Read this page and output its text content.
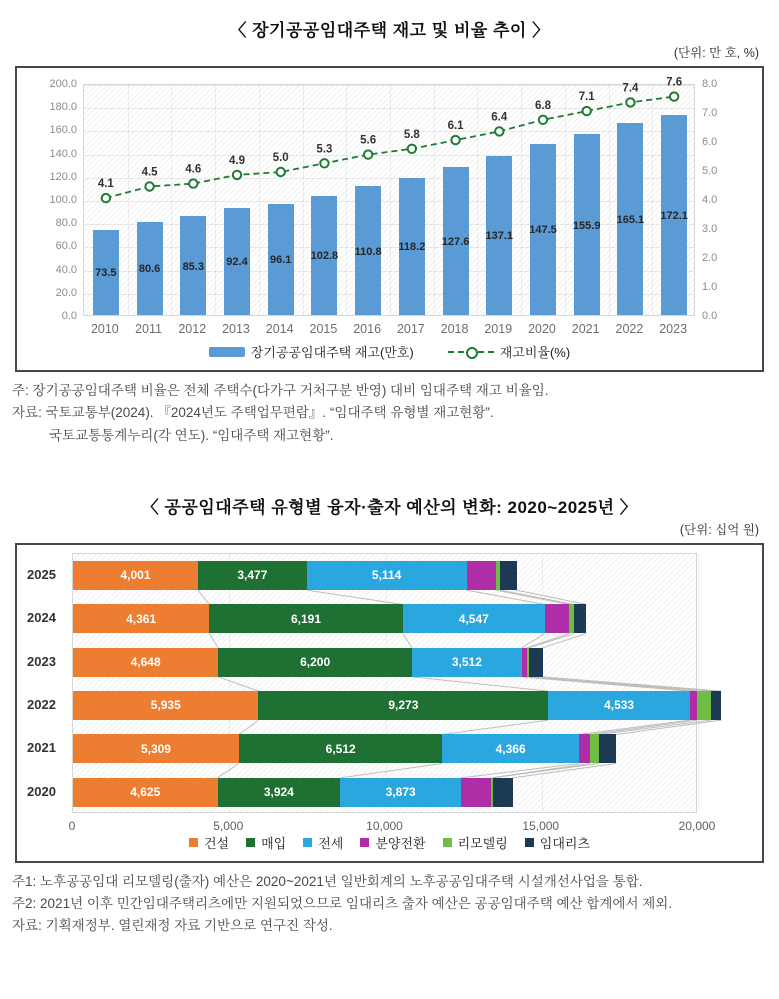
〈 장기공공임대주택 재고 및 비율 추이 〉
(단위: 만 호, %)
0.0
20.0
40.0
60.0
80.0
100.0
120.0
140.0
160.0
180.0
200.0
73.5	80.6	85.3	92.4	96.1	102.8	110.8	118.2	127.6	137.1
147.5	155.9	165.1	172.1
4.1
4.5 4.6
4.9 5.0
5.3
5.6 5.8
6.1
6.4
6.8
7.1
7.4 7.6
0.0
1.0
2.0
3.0
4.0
5.0
6.0
7.0
8.0
2010	2011	2012	2013	2014	2015	2016	2017	2018	2019	2020	2021	2022	2023
장기공공임대주택 재고(만호)	재고비율(%)
주: 장기공공임대주택 비율은 전체 주택수(다가구 거처구분 반영) 대비 임대주택 재고 비율임.
자료: 국토교통부(2024). 『2024년도 주택업무편람』. “임대주택 유형별 재고현황”.
국토교통통계누리(각 연도). “임대주택 재고현황”.
〈 공공임대주택 유형별 융자·출자 예산의 변화: 2020~2025년 〉
(단위: 십억 원)
2025
2024
2023
2022
2021
2020
4,001	3,477	5,114
4,361	6,191	4,547
4,648	6,200	3,512
5,935	9,273	4,533
5,309	6,512	4,366
4,625	3,924	3,873
0	5,000	10,000	15,000	20,000
건설 매입 전세 분양전환 리모델링 임대리츠
주1: 노후공공임대 리모델링(출자) 예산은 2020~2021년 일반회계의 노후공공임대주택 시설개선사업을 통합.
주2: 2021년 이후 민간임대주택리츠에만 지원되었으므로 임대리츠 출자 예산은 공공임대주택 예산 합계에서 제외.
자료: 기획재정부. 열린재정 자료 기반으로 연구진 작성.
